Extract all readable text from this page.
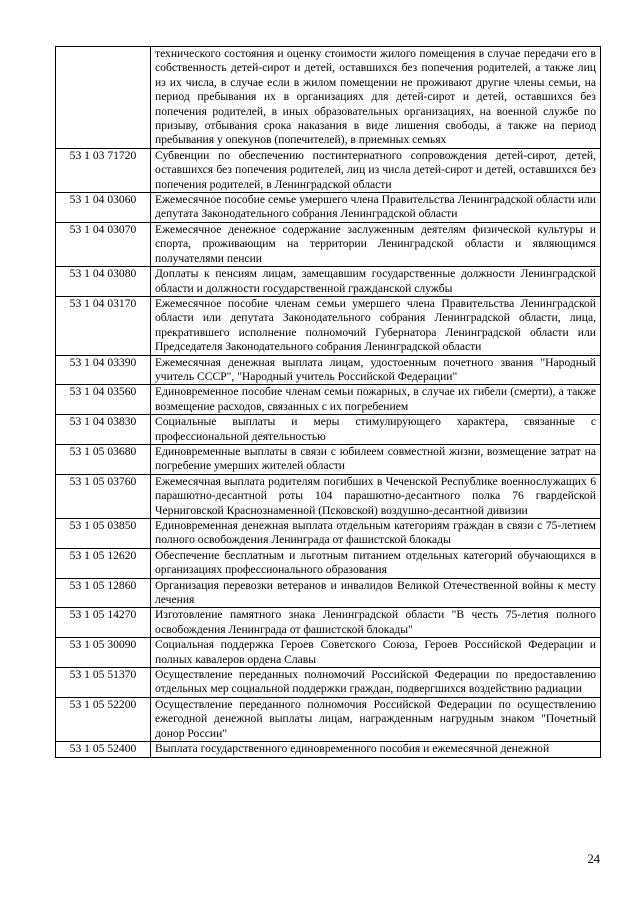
	технического состояния и оценку стоимости жилого помещения в случае передачи его в собственность детей-сирот и детей, оставшихся без попечения родителей, а также лиц из их числа, в случае если в жилом помещении не проживают другие члены семьи, на период пребывания их в организациях для детей-сирот и детей, оставшихся без попечения родителей, в иных образовательных организациях, на военной службе по призыву, отбывания срока наказания в виде лишения свободы, а также на период пребывания у опекунов (попечителей), в приемных семьях
53 1 03 71720	Субвенции по обеспечению постинтернатного сопровождения детей-сирот, детей, оставшихся без попечения родителей, лиц из числа детей-сирот и детей, оставшихся без попечения родителей, в Ленинградской области
53 1 04 03060	Ежемесячное пособие семье умершего члена Правительства Ленинградской области или депутата Законодательного собрания Ленинградской области
53 1 04 03070	Ежемесячное денежное содержание заслуженным деятелям физической культуры и спорта, проживающим на территории Ленинградской области и являющимся получателями пенсии
53 1 04 03080	Доплаты к пенсиям лицам, замещавшим государственные должности Ленинградской области и должности государственной гражданской службы
53 1 04 03170	Ежемесячное пособие членам семьи умершего члена Правительства Ленинградской области или депутата Законодательного собрания Ленинградской области, лица, прекратившего исполнение полномочий Губернатора Ленинградской области или Председателя Законодательного собрания Ленинградской области
53 1 04 03390	Ежемесячная денежная выплата лицам, удостоенным почетного звания "Народный учитель СССР", "Народный учитель Российской Федерации"
53 1 04 03560	Единовременное пособие членам семьи пожарных, в случае их гибели (смерти), а также возмещение расходов, связанных с их погребением
53 1 04 03830	Социальные выплаты и меры стимулирующего характера, связанные с профессиональной деятельностью
53 1 05 03680	Единовременные выплаты в связи с юбилеем совместной жизни, возмещение затрат на погребение умерших жителей области
53 1 05 03760	Ежемесячная выплата родителям погибших в Чеченской Республике военнослужащих 6 парашютно-десантной роты 104 парашютно-десантного полка 76 гвардейской Черниговской Краснознаменной (Псковской) воздушно-десантной дивизии
53 1 05 03850	Единовременная денежная выплата отдельным категориям граждан в связи с 75-летием полного освобождения Ленинграда от фашистской блокады
53 1 05 12620	Обеспечение бесплатным и льготным питанием отдельных категорий обучающихся в организациях профессионального образования
53 1 05 12860	Организация перевозки ветеранов и инвалидов Великой Отечественной войны к месту лечения
53 1 05 14270	Изготовление памятного знака Ленинградской области "В честь 75-летия полного освобождения Ленинграда от фашистской блокады"
53 1 05 30090	Социальная поддержка Героев Советского Союза, Героев Российской Федерации и полных кавалеров ордена Славы
53 1 05 51370	Осуществление переданных полномочий Российской Федерации по предоставлению отдельных мер социальной поддержки граждан, подвергшихся воздействию радиации
53 1 05 52200	Осуществление переданного полномочия Российской Федерации по осуществлению ежегодной денежной выплаты лицам, награжденным нагрудным знаком "Почетный донор России"
53 1 05 52400	Выплата государственного единовременного пособия и ежемесячной денежной
24
